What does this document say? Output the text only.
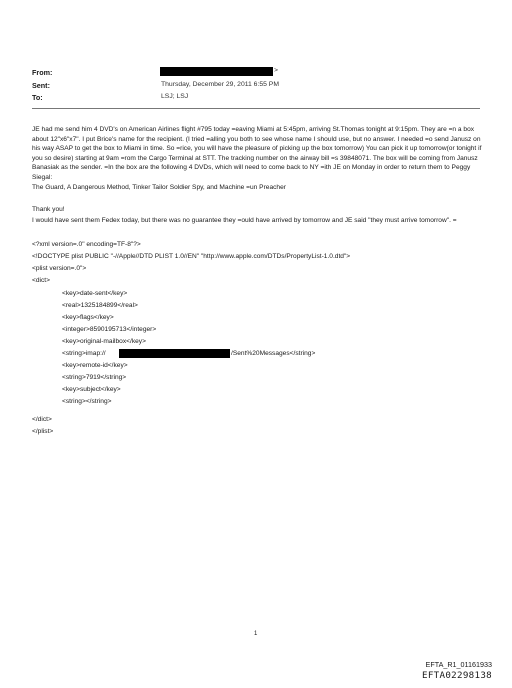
From:
Sent:
To:
>
Thursday, December 29, 2011 6:55 PM
LSJ; LSJ
JE had me send him 4 DVD's on American Airlines flight #795 today =eaving Miami at 5:45pm, arriving St.Thomas tonight at 9:15pm. They are =n a box about 12"x6"x7". I put Brice's name for the recipient. (I tried =alling you both to see whose name I should use, but no answer. I needed =o send Janusz on his way ASAP to get the box to Miami in time. So =rice, you will have the pleasure of picking up the box tomorrow) You can pick it up tomorrow(or tonight if you so desire) starting at 9am =rom the Cargo Terminal at STT. The tracking number on the airway bill =s 39848071. The box will be coming from Janusz Banasiak as the sender. =In the box are the following 4 DVDs, which will need to come back to NY =ith JE on Monday in order to return them to Peggy Siegal:
The Guard, A Dangerous Method, Tinker Tailor Soldier Spy, and Machine =un Preacher
Thank you!
I would have sent them Fedex today, but there was no guarantee they =ould have arrived by tomorrow and JE said "they must arrive tomorrow". =
<?xml version=.0" encoding=TF-8"?>
<!DOCTYPE plist PUBLIC "-//Apple//DTD PLIST 1.0//EN" "http://www.apple.com/DTDs/PropertyList-1.0.dtd">
<plist version=.0">
<dict>
<key>date-sent</key>
<real>1325184899</real>
<key>flags</key>
<integer>8590195713</integer>
<key>original-mailbox</key>
<string>imap://	/Sent%20Messages</string>
<key>remote-id</key>
<string>7919</string>
<key>subject</key>
<string></string>
</dict>
</plist>
1
EFTA_R1_01161933
EFTA02298138
